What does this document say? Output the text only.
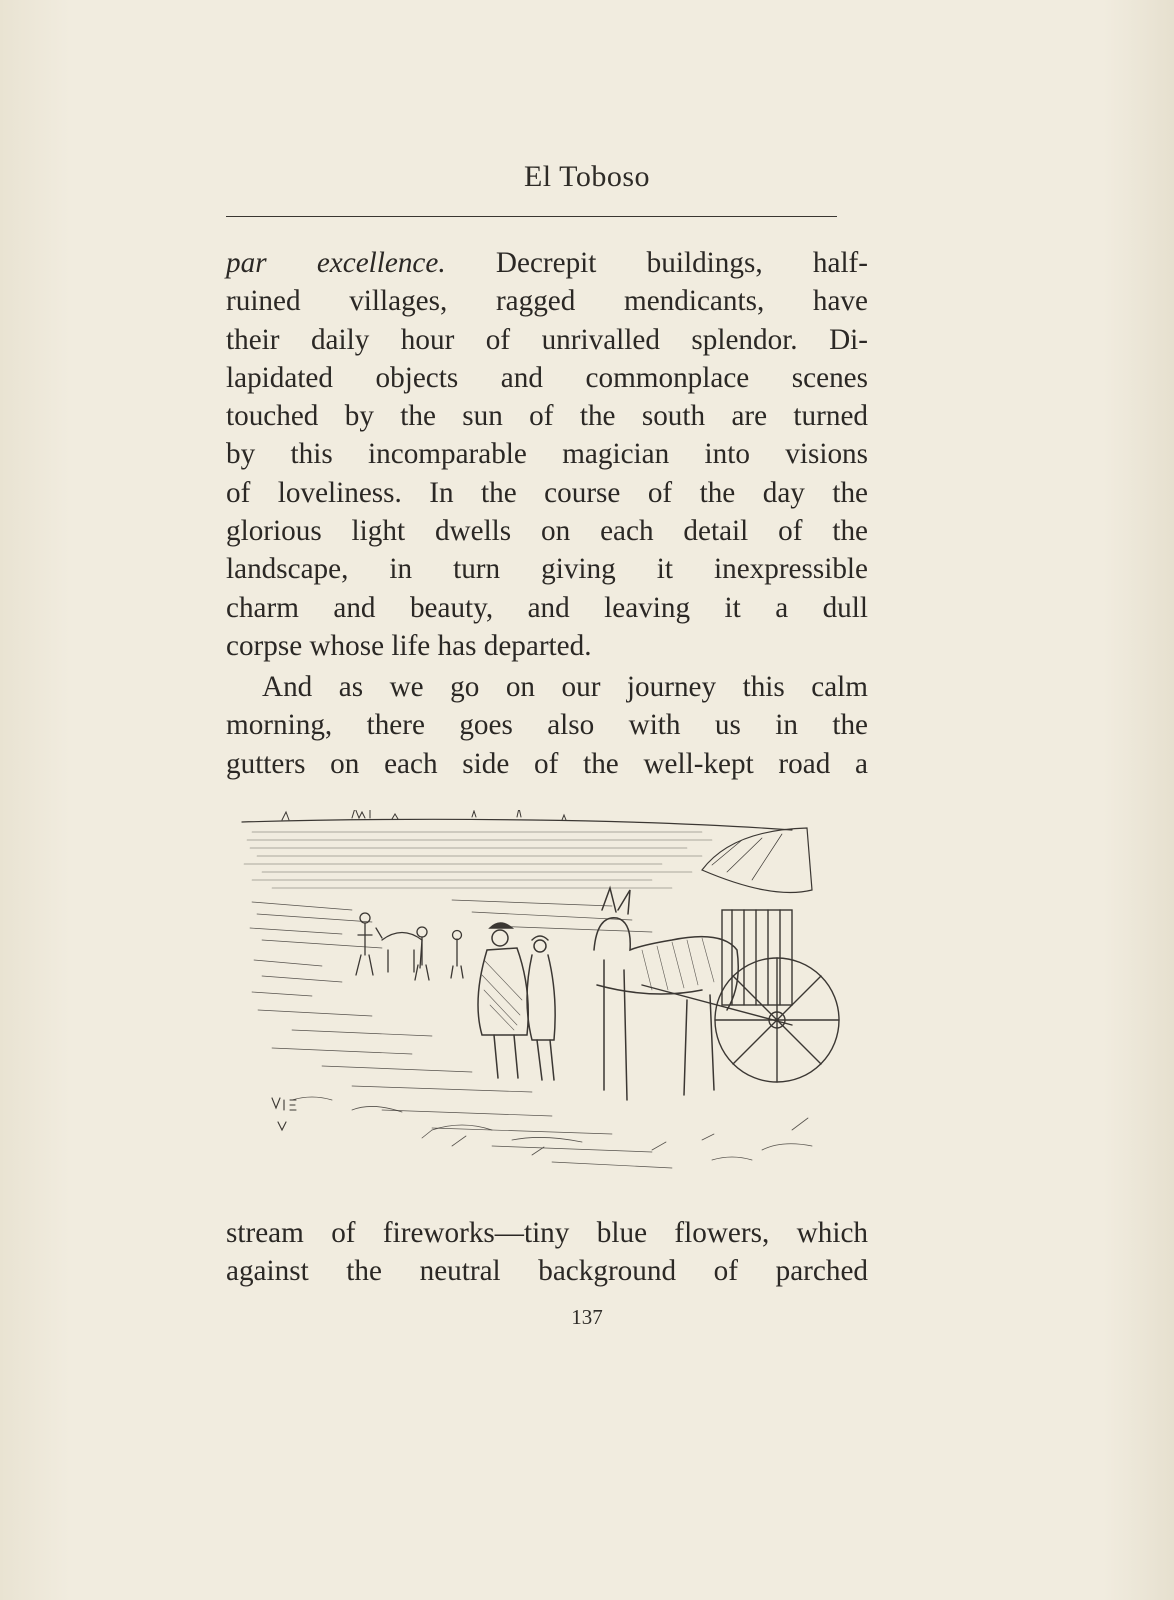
El Toboso
par excellence. Decrepit buildings, half-
ruined villages, ragged mendicants, have
their daily hour of unrivalled splendor. Di-
lapidated objects and commonplace scenes
touched by the sun of the south are turned
by this incomparable magician into visions
of loveliness. In the course of the day the
glorious light dwells on each detail of the
landscape, in turn giving it inexpressible
charm and beauty, and leaving it a dull
corpse whose life has departed.
And as we go on our journey this calm
morning, there goes also with us in the
gutters on each side of the well-kept road a
stream of fireworks—tiny blue flowers, which
against the neutral background of parched
137
